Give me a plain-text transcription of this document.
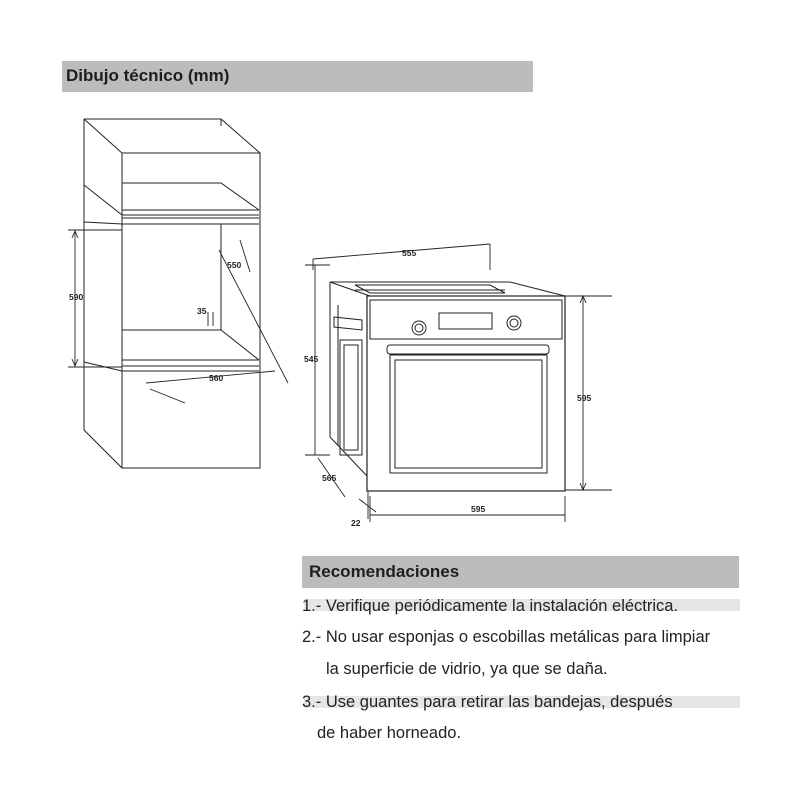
Dibujo técnico (mm)
590
550
35
560
555
545
595
565
595
22
Recomendaciones
1.- Verifique periódicamente la instalación eléctrica.
2.- No usar esponjas o escobillas metálicas para limpiar
la superficie de vidrio, ya que se daña.
3.- Use guantes para retirar las bandejas, después
de haber horneado.
